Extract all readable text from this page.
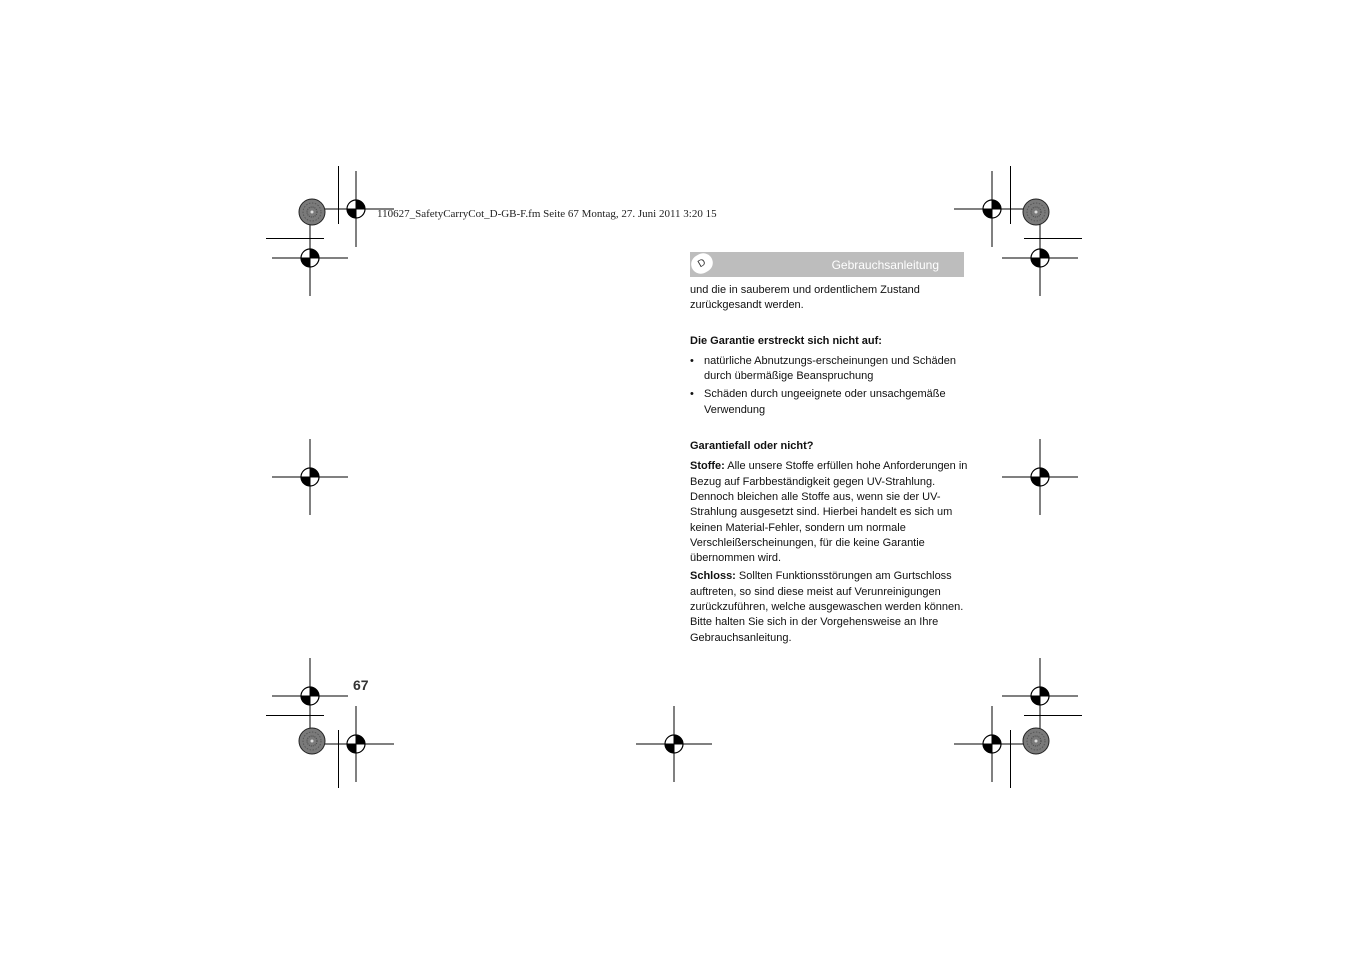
110627_SafetyCarryCot_D-GB-F.fm Seite 67 Montag, 27. Juni 2011 3:20 15
D	Gebrauchsanleitung

und die in sauberem und ordentlichem Zustand zurückgesandt werden.

Die Garantie erstreckt sich nicht auf:
• natürliche Abnutzungs-erscheinungen und Schäden durch übermäßige Beanspruchung
• Schäden durch ungeeignete oder unsachgemäße Verwendung
Garantiefall oder nicht?

Stoffe: Alle unsere Stoffe erfüllen hohe Anforderungen in Bezug auf Farbbeständigkeit gegen UV-Strahlung. Dennoch bleichen alle Stoffe aus, wenn sie der UV-Strahlung ausgesetzt sind. Hierbei handelt es sich um keinen Material-Fehler, sondern um normale Verschleißerscheinungen, für die keine Garantie übernommen wird.

Schloss: Sollten Funktionsstörungen am Gurtschloss auftreten, so sind diese meist auf Verunreinigungen zurückzuführen, welche ausgewaschen werden können. Bitte halten Sie sich in der Vorgehensweise an Ihre Gebrauchsanleitung.

67
